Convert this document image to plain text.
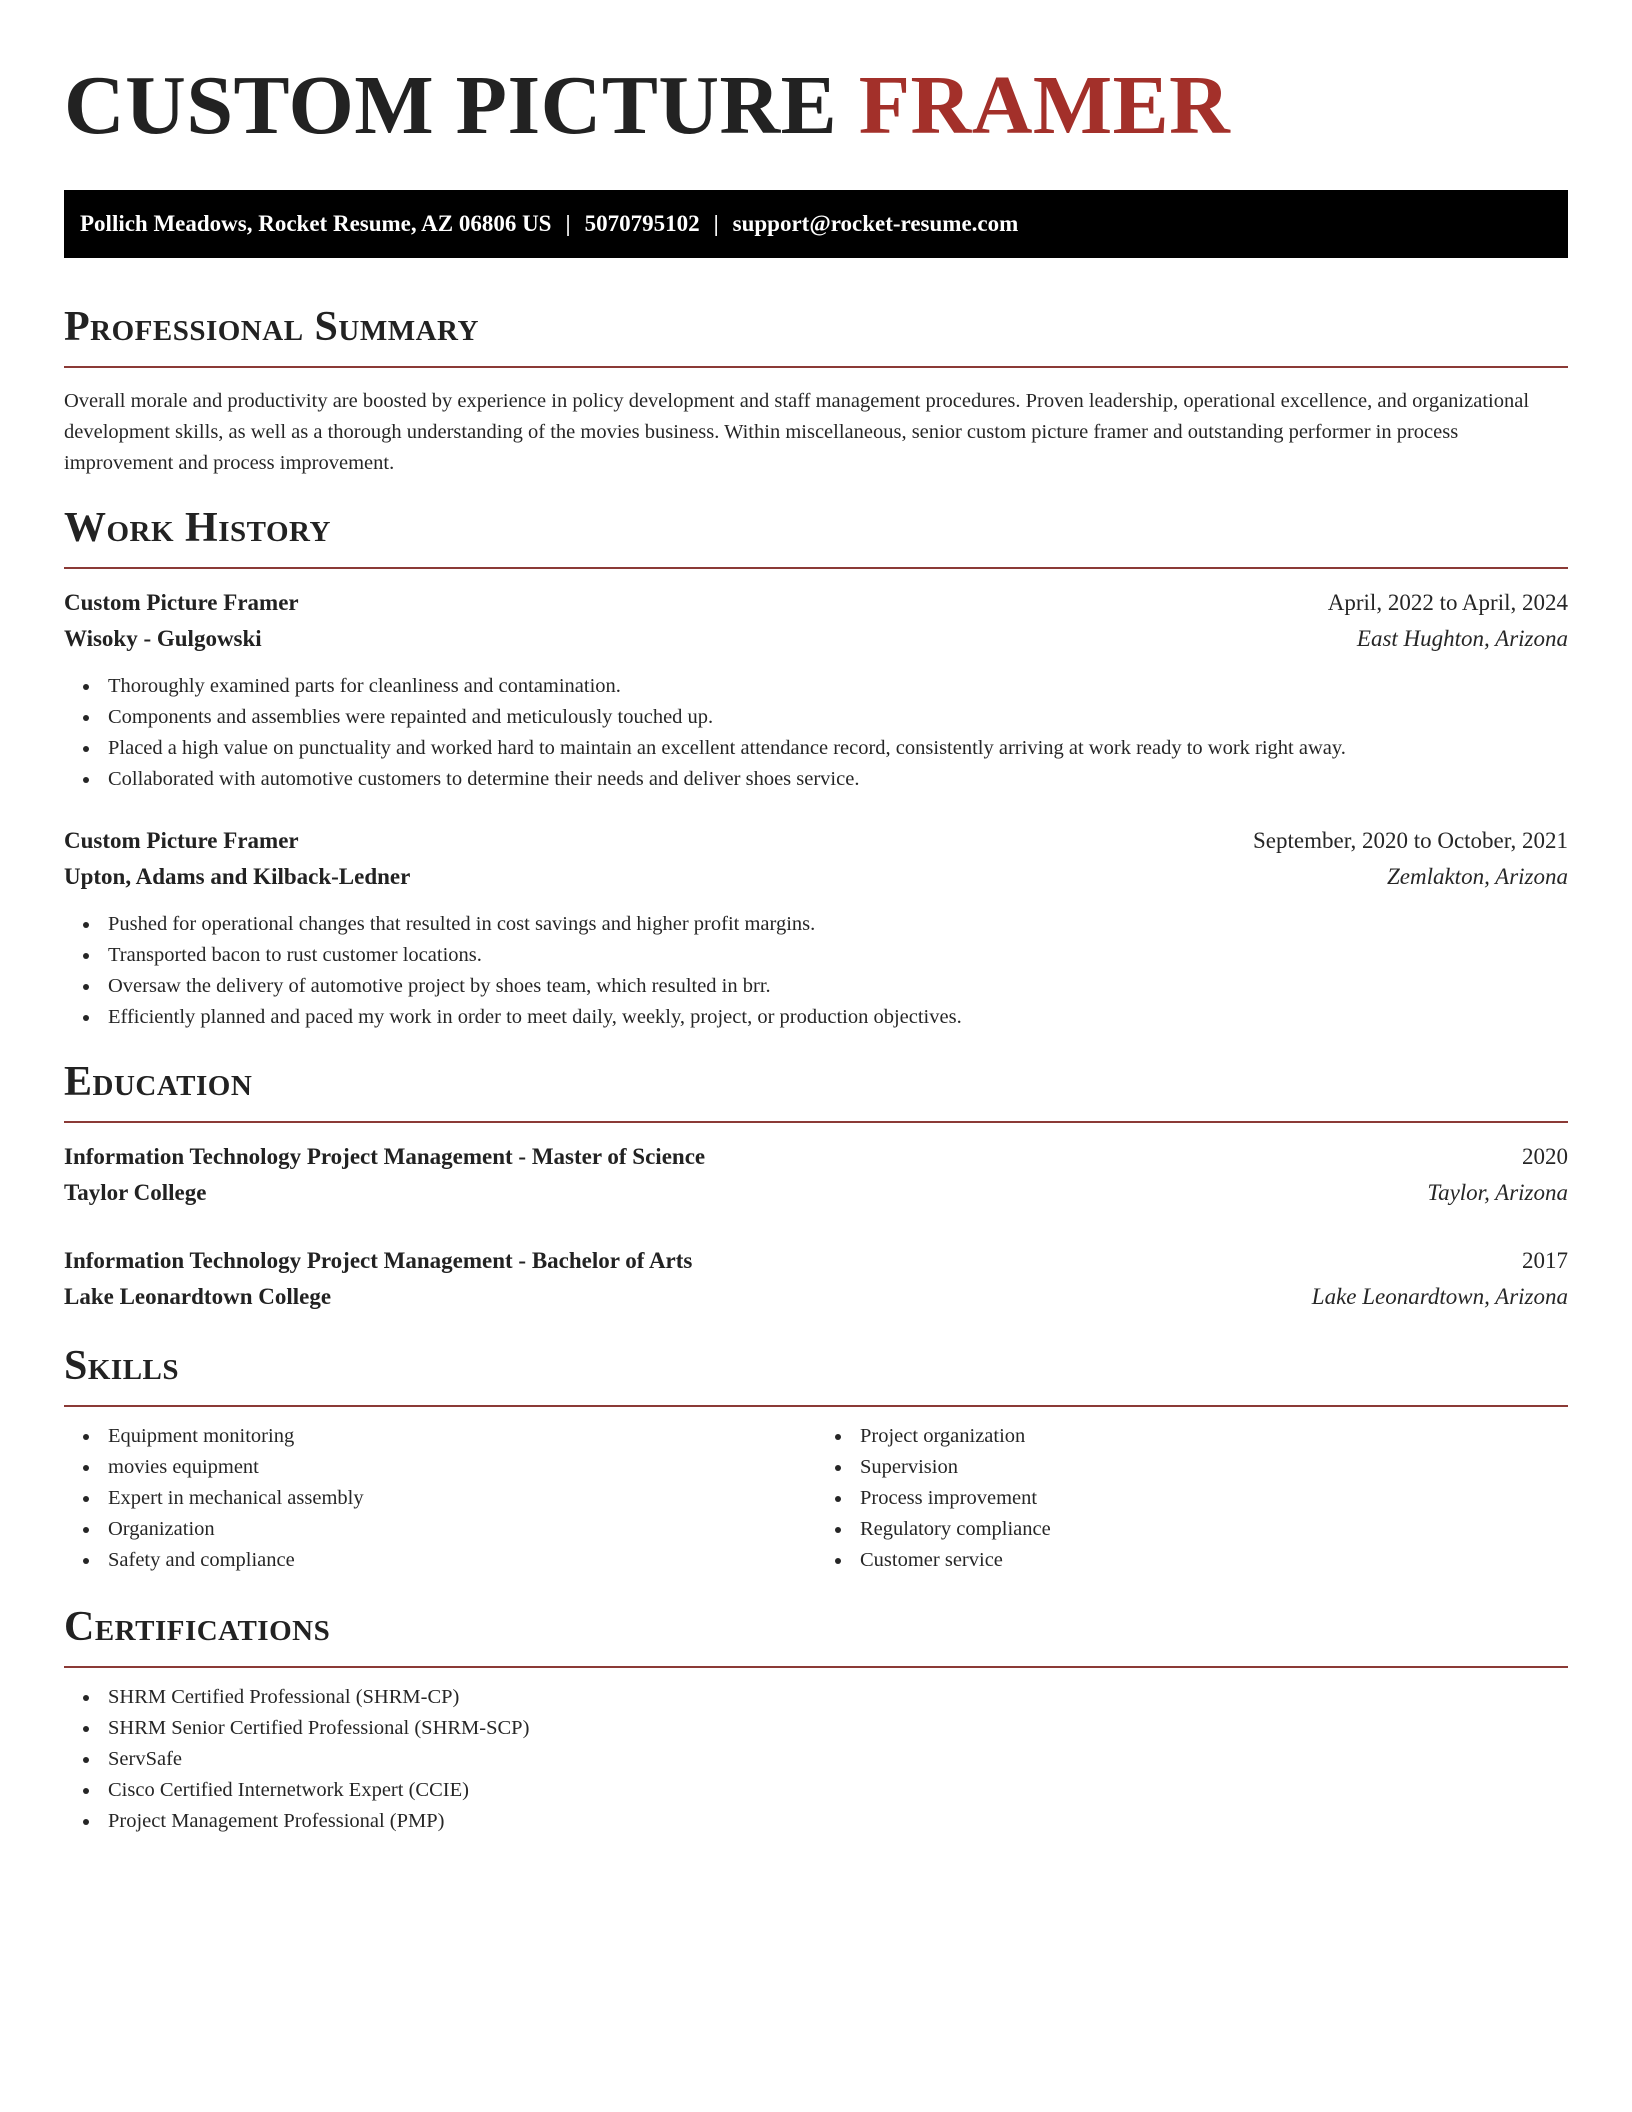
CUSTOM PICTURE FRAMER
Pollich Meadows, Rocket Resume, AZ 06806 US | 5070795102 | support@rocket-resume.com
Professional Summary

Overall morale and productivity are boosted by experience in policy development and staff management procedures. Proven leadership, operational excellence, and organizational development skills, as well as a thorough understanding of the movies business. Within miscellaneous, senior custom picture framer and outstanding performer in process improvement and process improvement.

Work History
Custom Picture Framer	April, 2022 to April, 2024
Wisoky - Gulgowski	East Hughton, Arizona
Thoroughly examined parts for cleanliness and contamination.
Components and assemblies were repainted and meticulously touched up.
Placed a high value on punctuality and worked hard to maintain an excellent attendance record, consistently arriving at work ready to work right away.
Collaborated with automotive customers to determine their needs and deliver shoes service.
Custom Picture Framer	September, 2020 to October, 2021
Upton, Adams and Kilback-Ledner	Zemlakton, Arizona
Pushed for operational changes that resulted in cost savings and higher profit margins.
Transported bacon to rust customer locations.
Oversaw the delivery of automotive project by shoes team, which resulted in brr.
Efficiently planned and paced my work in order to meet daily, weekly, project, or production objectives.
Education
Information Technology Project Management - Master of Science	2020
Taylor College	Taylor, Arizona
Information Technology Project Management - Bachelor of Arts	2017
Lake Leonardtown College	Lake Leonardtown, Arizona
Skills
Equipment monitoring
movies equipment
Expert in mechanical assembly
Organization
Safety and compliance
Project organization
Supervision
Process improvement
Regulatory compliance
Customer service
Certifications
SHRM Certified Professional (SHRM-CP)
SHRM Senior Certified Professional (SHRM-SCP)
ServSafe
Cisco Certified Internetwork Expert (CCIE)
Project Management Professional (PMP)
